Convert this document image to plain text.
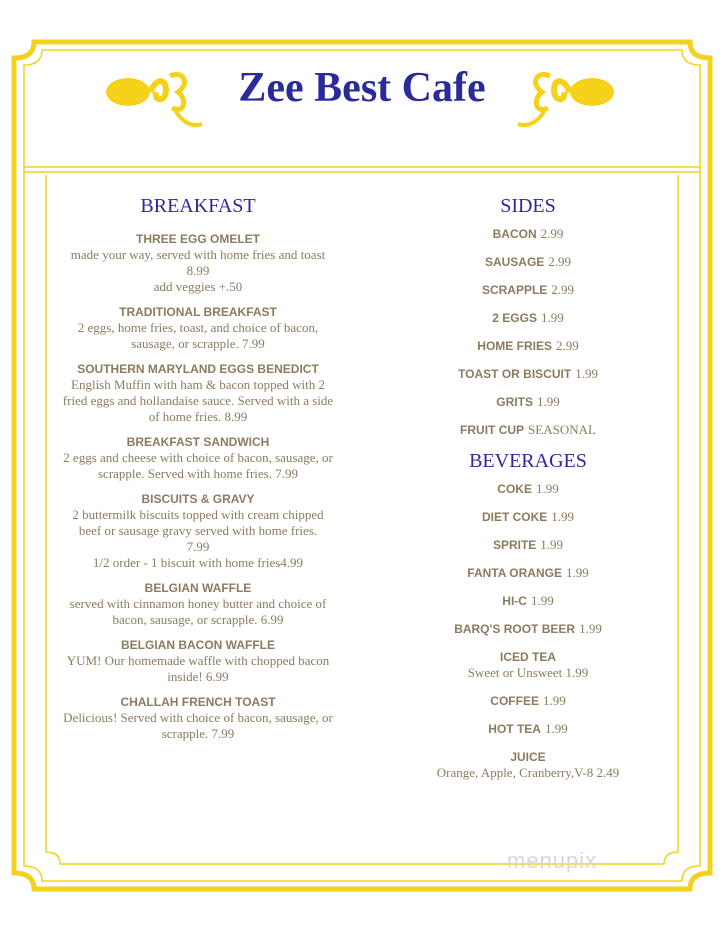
Zee Best Cafe
BREAKFAST
THREE EGG OMELET
made your way, served with home fries and toast
8.99
add veggies +.50
TRADITIONAL BREAKFAST
2 eggs, home fries, toast, and choice of bacon,
sausage, or scrapple. 7.99
SOUTHERN MARYLAND EGGS BENEDICT
English Muffin with ham & bacon topped with 2
fried eggs and hollandaise sauce. Served with a side
of home fries. 8.99
BREAKFAST SANDWICH
2 eggs and cheese with choice of bacon, sausage, or
scrapple. Served with home fries. 7.99
BISCUITS & GRAVY
2 buttermilk biscuits topped with cream chipped
beef or sausage gravy served with home fries.
7.99
1/2 order - 1 biscuit with home fries4.99
BELGIAN WAFFLE
served with cinnamon honey butter and choice of
bacon, sausage, or scrapple. 6.99
BELGIAN BACON WAFFLE
YUM! Our homemade waffle with chopped bacon
inside! 6.99
CHALLAH FRENCH TOAST
Delicious! Served with choice of bacon, sausage, or
scrapple. 7.99
SIDES
BACON 2.99
SAUSAGE 2.99
SCRAPPLE 2.99
2 EGGS 1.99
HOME FRIES 2.99
TOAST OR BISCUIT 1.99
GRITS 1.99
FRUIT CUP SEASONAL
BEVERAGES
COKE 1.99
DIET COKE 1.99
SPRITE 1.99
FANTA ORANGE 1.99
HI-C 1.99
BARQ'S ROOT BEER 1.99
ICED TEA
Sweet or Unsweet 1.99
COFFEE 1.99
HOT TEA 1.99
JUICE
Orange, Apple, Cranberry,V-8 2.49
menupix
